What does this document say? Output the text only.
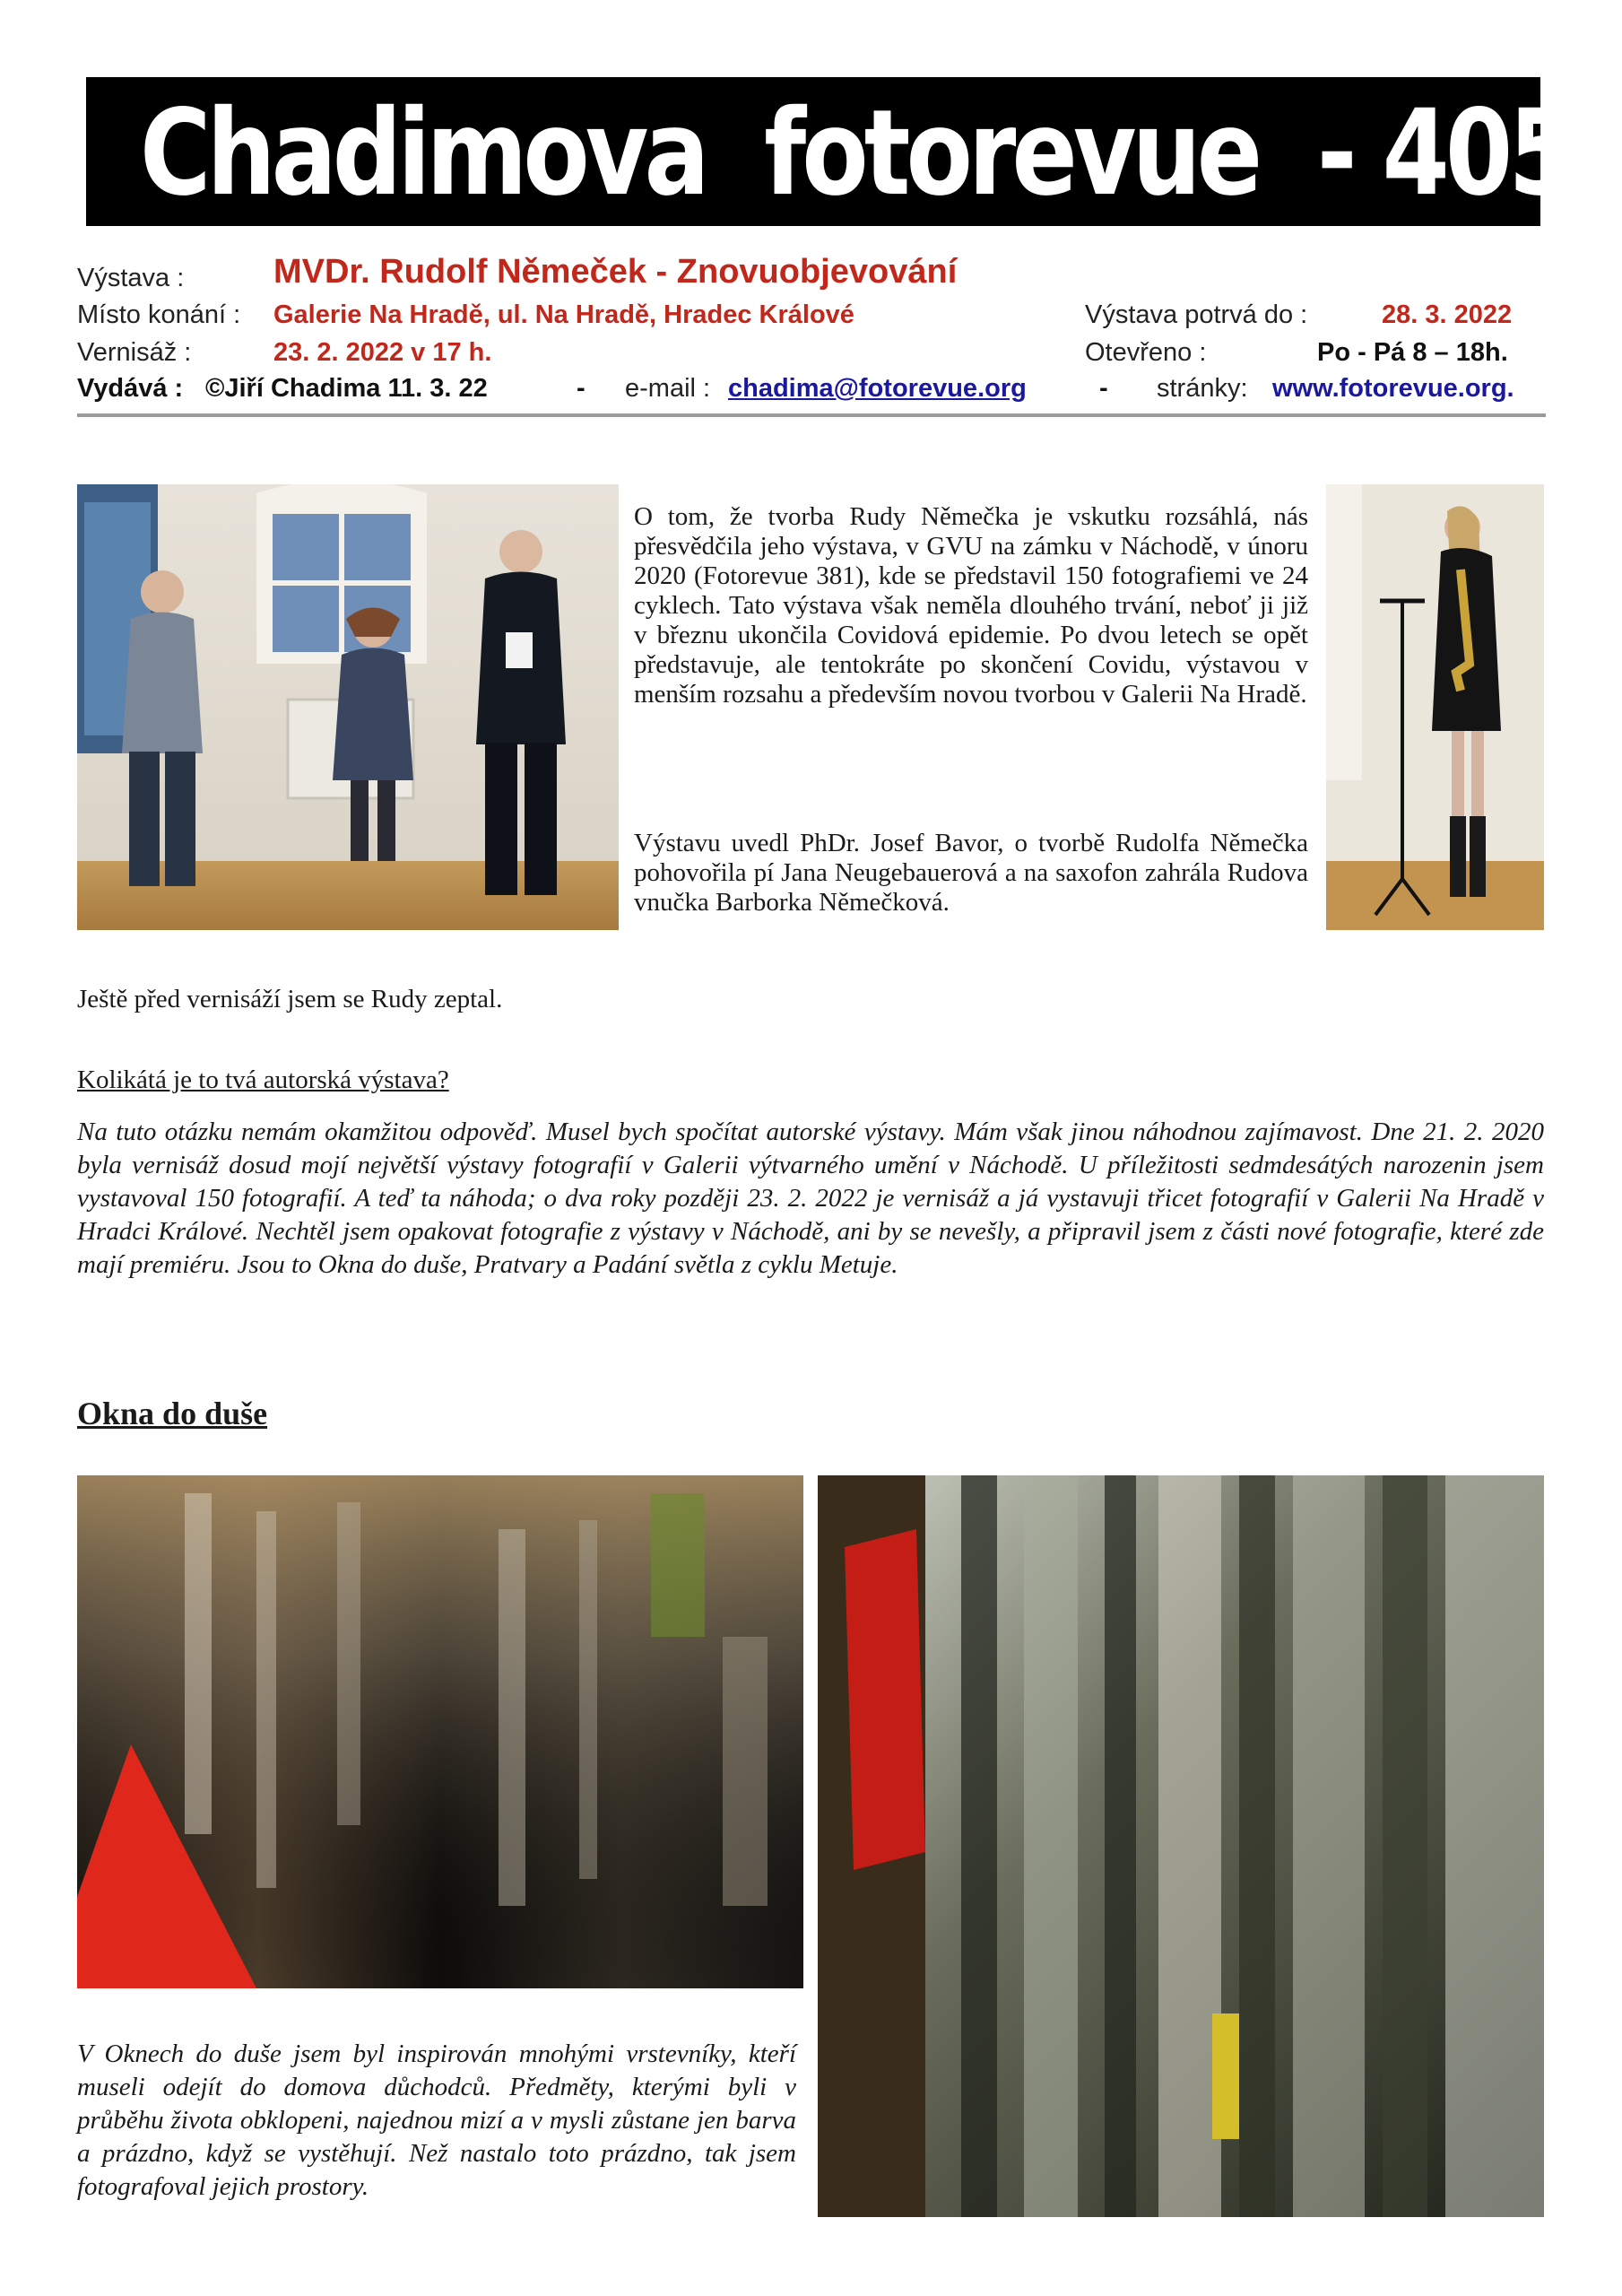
Chadimova  fotorevue  - 405.
Výstava :	MVDr. Rudolf Němeček - Znovuobjevování
Místo konání : Galerie Na Hradě, ul. Na Hradě, Hradec Králové	Výstava potrvá do :	28. 3. 2022
Vernisáž :	23. 2. 2022 v 17 h.	Otevřeno :	Po - Pá 8 – 18h.
Vydává : ©Jiří Chadima 11. 3. 22	- e-mail : chadima@fotorevue.org	- stránky: www.fotorevue.org.
O tom, že tvorba Rudy Němečka je vskutku rozsáhlá, nás přesvědčila jeho výstava, v GVU na zámku v Náchodě, v únoru 2020 (Fotorevue 381), kde se představil 150 fotografiemi ve 24 cyklech. Tato výstava však neměla dlouhého trvání, neboť ji již v březnu ukončila Covidová epidemie. Po dvou letech se opět představuje, ale tentokráte po skončení Covidu, výstavou v menším rozsahu a především novou tvorbou v Galerii Na Hradě.
Výstavu uvedl PhDr. Josef Bavor, o tvorbě Rudolfa Němečka pohovořila pí Jana Neugebauerová a na saxofon zahrála Rudova vnučka Barborka Němečková.
Ještě před vernisáží jsem se Rudy zeptal.
Kolikátá je to tvá autorská výstava?
Na tuto otázku nemám okamžitou odpověď. Musel bych spočítat autorské výstavy. Mám však jinou náhodnou zajímavost. Dne 21. 2. 2020 byla vernisáž dosud mojí největší výstavy fotografií v Galerii výtvarného umění v Náchodě. U příležitosti sedmdesátých narozenin jsem vystavoval 150 fotografií. A teď ta náhoda; o dva roky později 23. 2. 2022 je vernisáž a já vystavuji třicet fotografií v Galerii Na Hradě v Hradci Králové. Nechtěl jsem opakovat fotografie z výstavy v Náchodě, ani by se nevešly, a připravil jsem z části nové fotografie, které zde mají premiéru. Jsou to Okna do duše, Pratvary a Padání světla z cyklu Metuje.
Okna do duše
V Oknech do duše jsem byl inspirován mnohými vrstevníky, kteří museli odejít do domova důchodců. Předměty, kterými byli v průběhu života obklopeni, najednou mizí a v mysli zůstane jen barva a prázdno, když se vystěhují. Než nastalo toto prázdno, tak jsem fotografoval jejich prostory.
